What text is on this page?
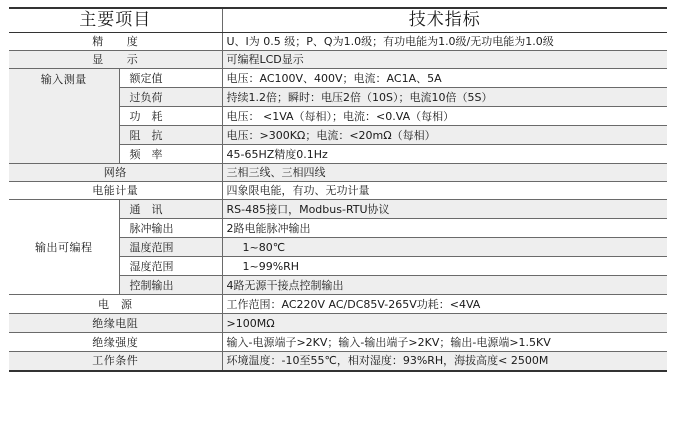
主要项目		技术指标
精　　度		U、I为 0.5 级；P、Q为1.0级；有功电能为1.0级/无功电能为1.0级
显　　示		可编程LCD显示
输入测量	额定值	电压：AC100V、400V；电流：AC1A、5A
	过负荷	持续1.2倍；瞬时：电压2倍（10S）；电流10倍（5S）
	功　耗	电压： <1VA（每相）；电流：<0.VA（每相）
	阻　抗	电压：>300KΩ；电流：<20mΩ（每相）
	频　率	45-65HZ精度0.1Hz
网络		三相三线、三相四线
电能计量		四象限电能，有功、无功计量
输出可编程	通　讯	RS-485接口，Modbus-RTU协议
	脉冲输出	2路电能脉冲输出
	温度范围	1~80℃
	湿度范围	1~99%RH
	控制输出	4路无源干接点控制输出
电　源		工作范围：AC220V AC/DC85V-265V功耗：<4VA
绝缘电阻		>100MΩ
绝缘强度		输入-电源端子>2KV；输入-输出端子>2KV；输出-电源端>1.5KV
工作条件		环境温度：-10至55℃，相对湿度：93%RH，海拔高度< 2500M
